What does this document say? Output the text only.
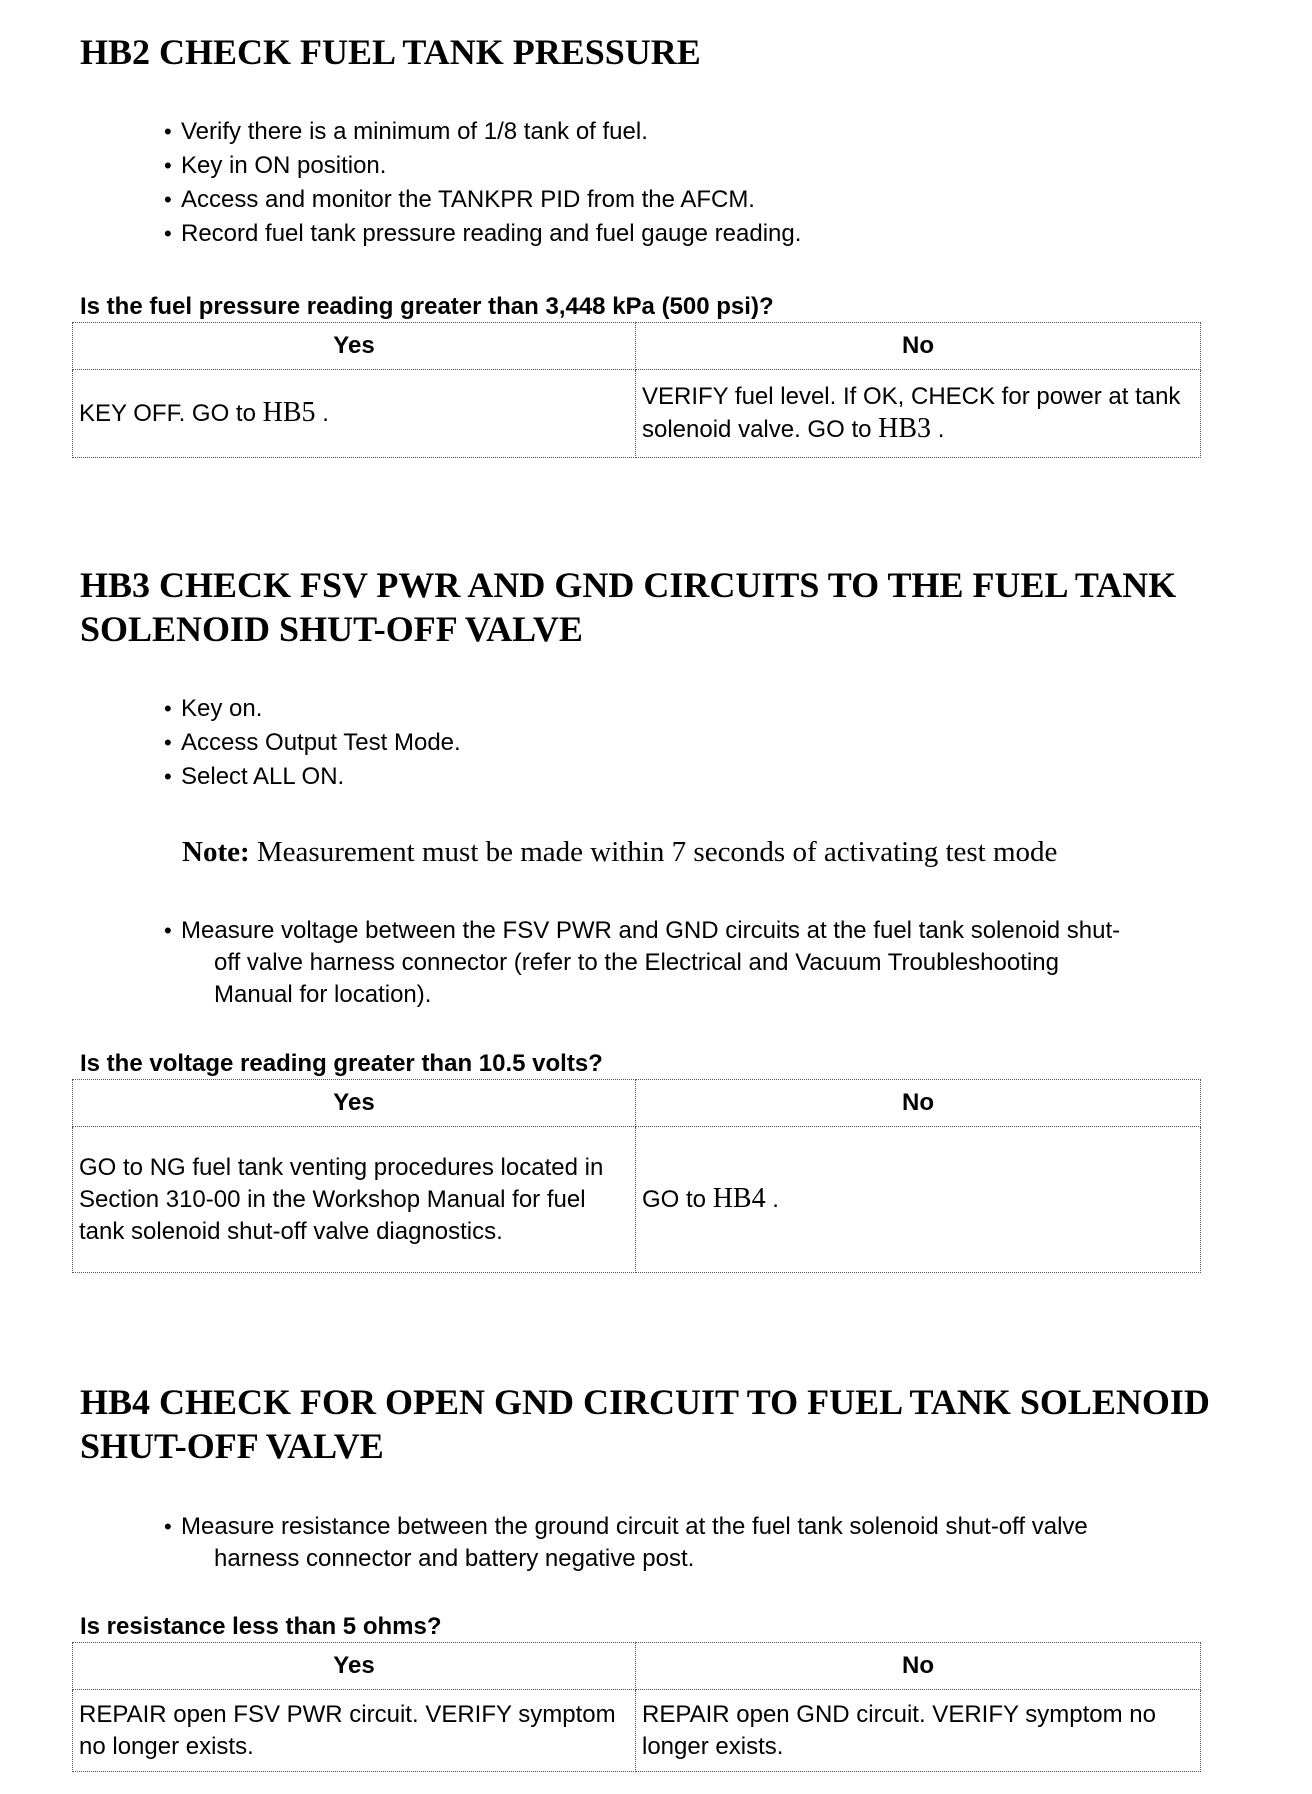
HB2 CHECK FUEL TANK PRESSURE
• Verify there is a minimum of 1/8 tank of fuel.
• Key in ON position.
• Access and monitor the TANKPR PID from the AFCM.
• Record fuel tank pressure reading and fuel gauge reading.

Is the fuel pressure reading greater than 3,448 kPa (500 psi)?

Yes	No
KEY OFF. GO to HB5 .	VERIFY fuel level. If OK, CHECK for power at tank solenoid valve. GO to HB3 .
HB3 CHECK FSV PWR AND GND CIRCUITS TO THE FUEL TANK SOLENOID SHUT-OFF VALVE
• Key on.
• Access Output Test Mode.
• Select ALL ON.

Note: Measurement must be made within 7 seconds of activating test mode

• Measure voltage between the FSV PWR and GND circuits at the fuel tank solenoid shut-
off valve harness connector (refer to the Electrical and Vacuum Troubleshooting
Manual for location).

Is the voltage reading greater than 10.5 volts?

Yes	No
GO to NG fuel tank venting procedures located in Section 310-00 in the Workshop Manual for fuel tank solenoid shut-off valve diagnostics.	GO to HB4 .
HB4 CHECK FOR OPEN GND CIRCUIT TO FUEL TANK SOLENOID SHUT-OFF VALVE
• Measure resistance between the ground circuit at the fuel tank solenoid shut-off valve
harness connector and battery negative post.

Is resistance less than 5 ohms?

Yes	No
REPAIR open FSV PWR circuit. VERIFY symptom no longer exists.	REPAIR open GND circuit. VERIFY symptom no longer exists.
